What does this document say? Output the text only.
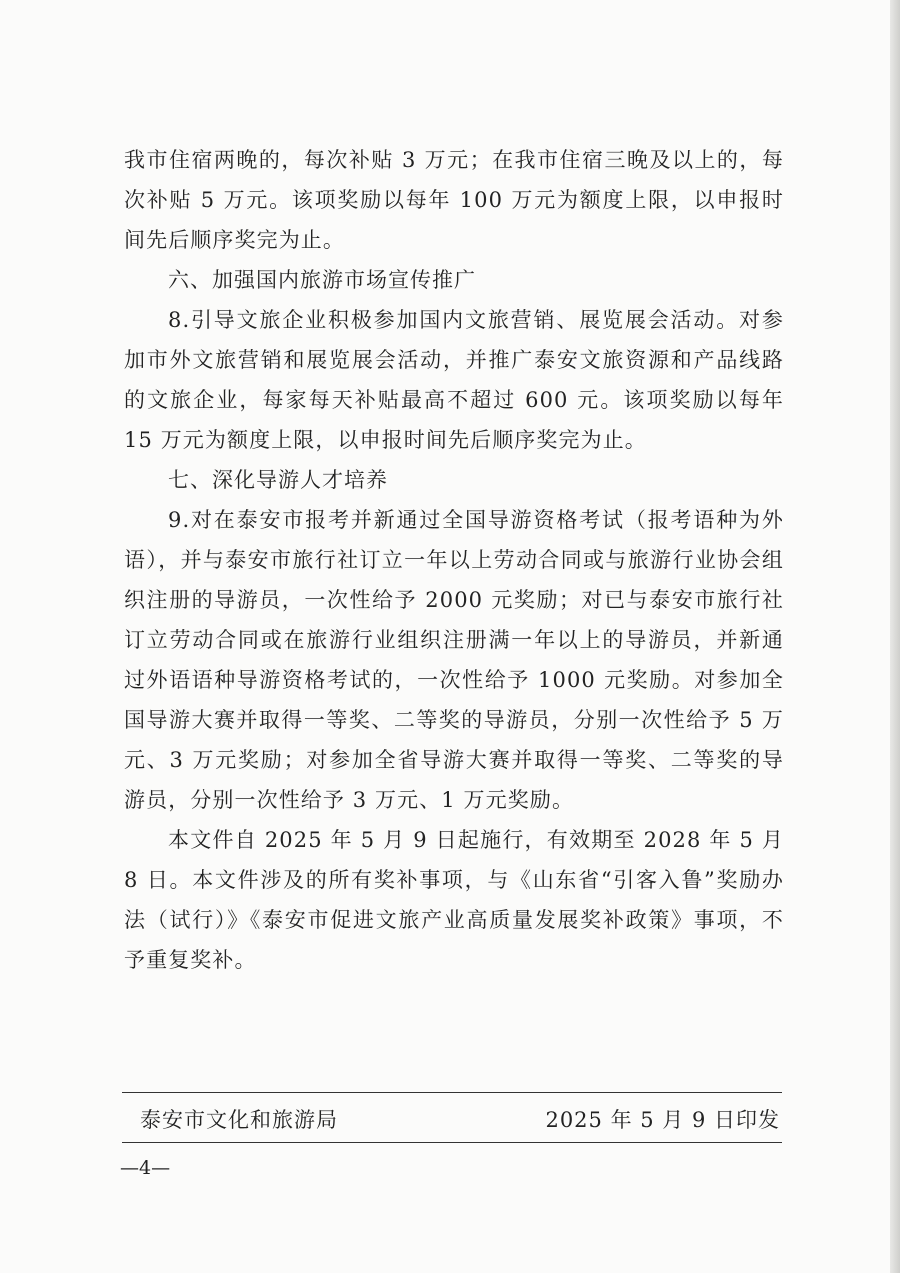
我市住宿两晚的，每次补贴 3 万元；在我市住宿三晚及以上的，每次补贴 5 万元。该项奖励以每年 100 万元为额度上限，以申报时间先后顺序奖完为止。

六、加强国内旅游市场宣传推广

8.引导文旅企业积极参加国内文旅营销、展览展会活动。对参加市外文旅营销和展览展会活动，并推广泰安文旅资源和产品线路的文旅企业，每家每天补贴最高不超过 600 元。该项奖励以每年 15 万元为额度上限，以申报时间先后顺序奖完为止。

七、深化导游人才培养

9.对在泰安市报考并新通过全国导游资格考试（报考语种为外语），并与泰安市旅行社订立一年以上劳动合同或与旅游行业协会组织注册的导游员，一次性给予 2000 元奖励；对已与泰安市旅行社订立劳动合同或在旅游行业组织注册满一年以上的导游员，并新通过外语语种导游资格考试的，一次性给予 1000 元奖励。对参加全国导游大赛并取得一等奖、二等奖的导游员，分别一次性给予 5 万元、3 万元奖励；对参加全省导游大赛并取得一等奖、二等奖的导游员，分别一次性给予 3 万元、1 万元奖励。

本文件自 2025 年 5 月 9 日起施行，有效期至 2028 年 5 月 8 日。本文件涉及的所有奖补事项，与《山东省“引客入鲁”奖励办法（试行）》《泰安市促进文旅产业高质量发展奖补政策》事项，不予重复奖补。

泰安市文化和旅游局	2025 年 5 月 9 日印发
—4—
